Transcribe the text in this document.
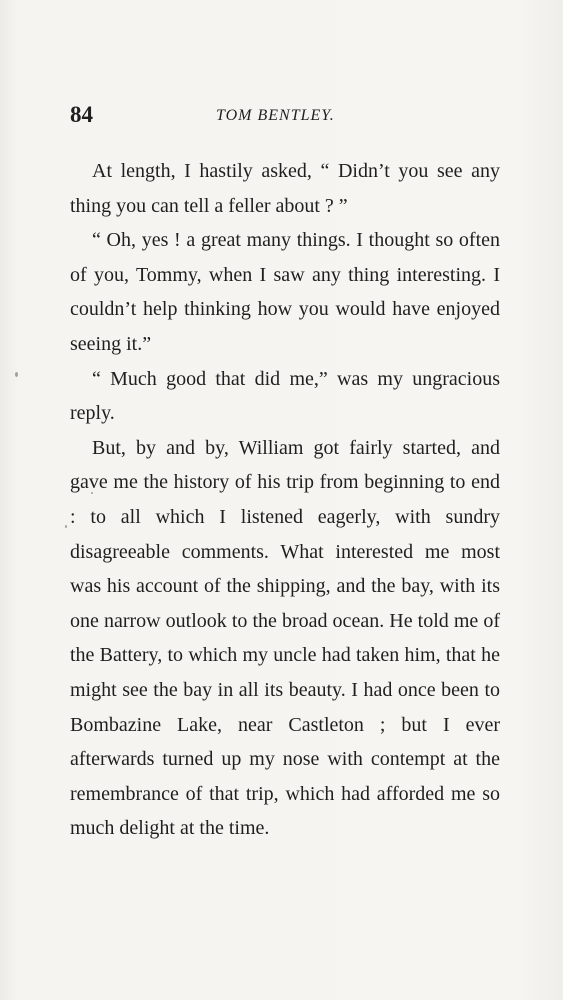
84	TOM BENTLEY.

At length, I hastily asked, “ Didn’t you see any thing you can tell a feller about ? ”

“ Oh, yes ! a great many things. I thought so often of you, Tommy, when I saw any thing interesting. I couldn’t help thinking how you would have enjoyed seeing it.”

“ Much good that did me,” was my ungracious reply.

But, by and by, William got fairly started, and gave me the history of his trip from beginning to end : to all which I listened eagerly, with sundry disagreeable comments. What interested me most was his account of the shipping, and the bay, with its one narrow outlook to the broad ocean. He told me of the Battery, to which my uncle had taken him, that he might see the bay in all its beauty. I had once been to Bombazine Lake, near Castleton ; but I ever afterwards turned up my nose with contempt at the remembrance of that trip, which had afforded me so much delight at the time.
